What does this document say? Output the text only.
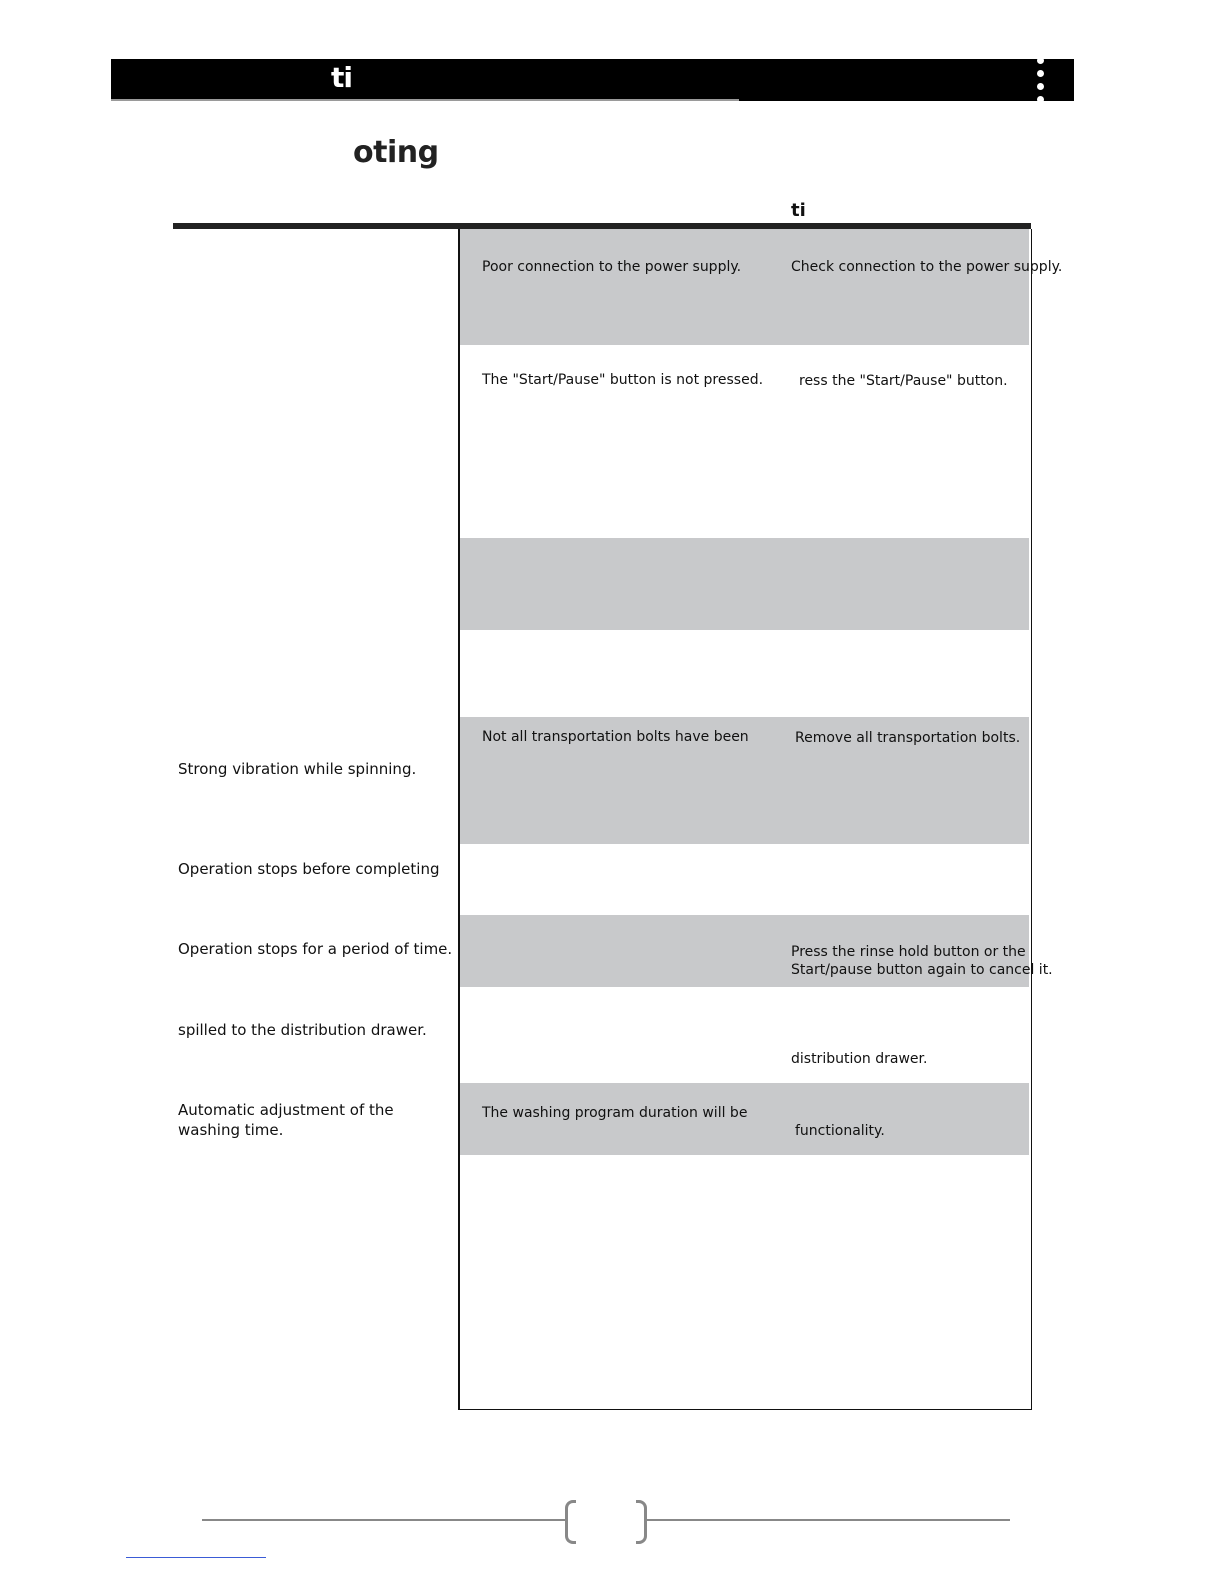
ti
oting
ti
Strong vibration while spinning.
Operation stops before completing
Operation stops for a period of time.
spilled to the distribution drawer.
Automatic adjustment of the
washing time.
Poor connection to the power supply.
The "Start/Pause" button is not pressed.
Not all transportation bolts have been
The washing program duration will be
Check connection to the power supply.
ress the "Start/Pause" button.
Remove all transportation bolts.
Press the rinse hold button or the
Start/pause button again to cancel it.
distribution drawer.
functionality.
